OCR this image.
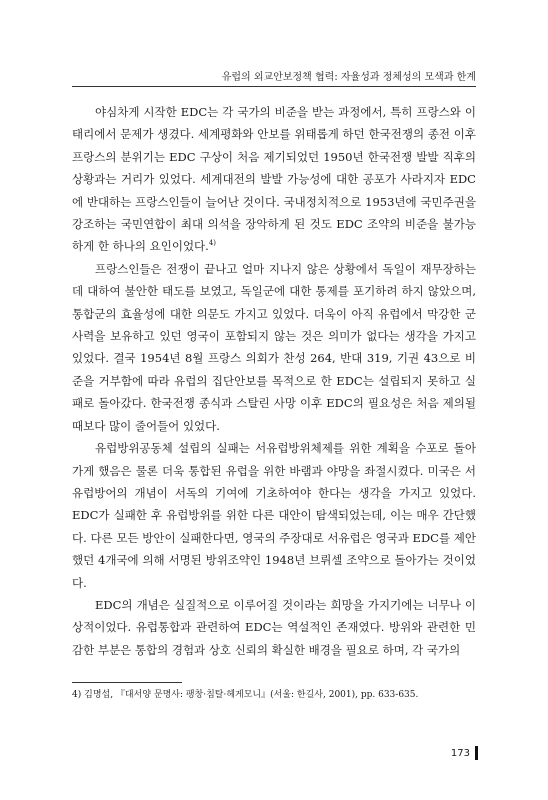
유럽의 외교안보정책 협력: 자율성과 정체성의 모색과 한계

야심차게 시작한 EDC는 각 국가의 비준을 받는 과정에서, 특히 프랑스와 이태리에서 문제가 생겼다. 세계평화와 안보를 위태롭게 하던 한국전쟁의 종전 이후 프랑스의 분위기는 EDC 구상이 처음 제기되었던 1950년 한국전쟁 발발 직후의 상황과는 거리가 있었다. 세계대전의 발발 가능성에 대한 공포가 사라지자 EDC에 반대하는 프랑스인들이 늘어난 것이다. 국내정치적으로 1953년에 국민주권을 강조하는 국민연합이 최대 의석을 장악하게 된 것도 EDC 조약의 비준을 불가능하게 한 하나의 요인이었다.$^{4)}$

프랑스인들은 전쟁이 끝나고 얼마 지나지 않은 상황에서 독일이 재무장하는 데 대하여 불안한 태도를 보였고, 독일군에 대한 통제를 포기하려 하지 않았으며, 통합군의 효율성에 대한 의문도 가지고 있었다. 더욱이 아직 유럽에서 막강한 군사력을 보유하고 있던 영국이 포함되지 않는 것은 의미가 없다는 생각을 가지고 있었다. 결국 1954년 8월 프랑스 의회가 찬성 264, 반대 319, 기권 43으로 비준을 거부함에 따라 유럽의 집단안보를 목적으로 한 EDC는 설립되지 못하고 실패로 돌아갔다. 한국전쟁 종식과 스탈린 사망 이후 EDC의 필요성은 처음 제의될 때보다 많이 줄어들어 있었다.

유럽방위공동체 설립의 실패는 서유럽방위체제를 위한 계획을 수포로 돌아가게 했음은 물론 더욱 통합된 유럽을 위한 바램과 야망을 좌절시켰다. 미국은 서유럽방어의 개념이 서독의 기여에 기초하여야 한다는 생각을 가지고 있었다. EDC가 실패한 후 유럽방위를 위한 다른 대안이 탐색되었는데, 이는 매우 간단했다. 다른 모든 방안이 실패한다면, 영국의 주장대로 서유럽은 영국과 EDC를 제안했던 4개국에 의해 서명된 방위조약인 1948년 브뤼셀 조약으로 돌아가는 것이었다.

EDC의 개념은 실질적으로 이루어질 것이라는 희망을 가지기에는 너무나 이상적이었다. 유럽통합과 관련하여 EDC는 역설적인 존재였다. 방위와 관련한 민감한 부분은 통합의 경험과 상호 신뢰의 확실한 배경을 필요로 하며, 각 국가의

4) 김명섭, 『대서양 문명사: 팽창·침탈·헤게모니』(서울: 한길사, 2001), pp. 633-635.
173
